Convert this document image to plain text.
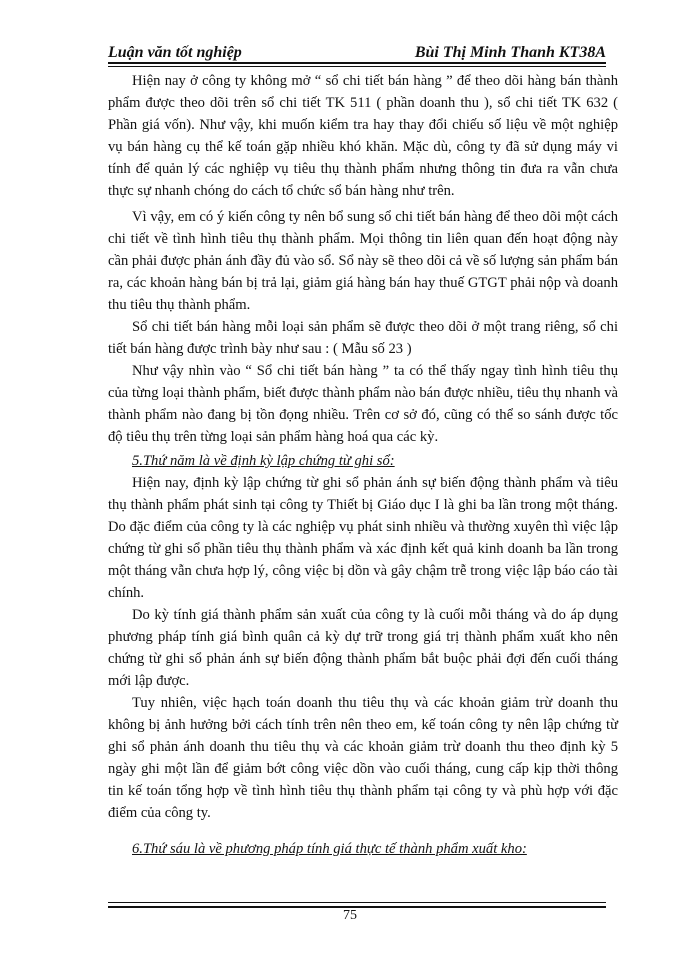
Luận văn tốt nghiệp	Bùi Thị Minh Thanh KT38A

Hiện nay ở công ty không mở “ sổ chi tiết bán hàng ” để theo dõi hàng bán thành phẩm được theo dõi trên sổ chi tiết TK 511 ( phần doanh thu ), sổ chi tiết TK 632 ( Phần giá vốn). Như vậy, khi muốn kiểm tra hay thay đổi chiếu số liệu về một nghiệp vụ bán hàng cụ thể kế toán gặp nhiều khó khăn. Mặc dù, công ty đã sử dụng máy vi tính để quản lý các nghiệp vụ tiêu thụ thành phẩm nhưng thông tin đưa ra vẫn chưa thực sự nhanh chóng do cách tổ chức sổ bán hàng như trên.

Vì vậy, em có ý kiến công ty nên bổ sung sổ chi tiết bán hàng để theo dõi một cách chi tiết về tình hình tiêu thụ thành phẩm. Mọi thông tin liên quan đến hoạt động này cần phải được phản ánh đầy đủ vào sổ. Sổ này sẽ theo dõi cả về số lượng sản phẩm bán ra, các khoản hàng bán bị trả lại, giảm giá hàng bán hay thuế GTGT phải nộp và doanh thu tiêu thụ thành phẩm.

Sổ chi tiết bán hàng mỗi loại sản phẩm sẽ được theo dõi ở một trang riêng, sổ chi tiết bán hàng được trình bày như sau : ( Mẫu số 23 )

Như vậy nhìn vào “ Sổ chi tiết bán hàng ” ta có thể thấy ngay tình hình tiêu thụ của từng loại thành phẩm, biết được thành phẩm nào bán được nhiều, tiêu thụ nhanh và thành phẩm nào đang bị tồn đọng nhiều. Trên cơ sở đó, cũng có thể so sánh được tốc độ tiêu thụ trên từng loại sản phẩm hàng hoá qua các kỳ.

5.Thứ năm là về định kỳ lập chứng từ ghi sổ:

Hiện nay, định kỳ lập chứng từ ghi sổ phản ánh sự biến động thành phẩm và tiêu thụ thành phẩm phát sinh tại công ty Thiết bị Giáo dục I là ghi ba lần trong một tháng. Do đặc điểm của công ty là các nghiệp vụ phát sinh nhiều và thường xuyên thì việc lập chứng từ ghi sổ phần tiêu thụ thành phẩm và xác định kết quả kinh doanh ba lần trong một tháng vẫn chưa hợp lý, công việc bị dồn và gây chậm trễ trong việc lập báo cáo tài chính.

Do kỳ tính giá thành phẩm sản xuất của công ty là cuối mỗi tháng và do áp dụng phương pháp tính giá bình quân cả kỳ dự trữ trong giá trị thành phẩm xuất kho nên chứng từ ghi sổ phản ánh sự biến động thành phẩm bắt buộc phải đợi đến cuối tháng mới lập được.

Tuy nhiên, việc hạch toán doanh thu tiêu thụ và các khoản giảm trừ doanh thu không bị ảnh hưởng bởi cách tính trên nên theo em, kế toán công ty nên lập chứng từ ghi sổ phản ánh doanh thu tiêu thụ và các khoản giảm trừ doanh thu theo định kỳ 5 ngày ghi một lần để giảm bớt công việc dồn vào cuối tháng, cung cấp kịp thời thông tin kế toán tổng hợp về tình hình tiêu thụ thành phẩm tại công ty và phù hợp với đặc điểm của công ty.

6.Thứ sáu là về phương pháp tính giá thực tế thành phẩm xuất kho:
75
